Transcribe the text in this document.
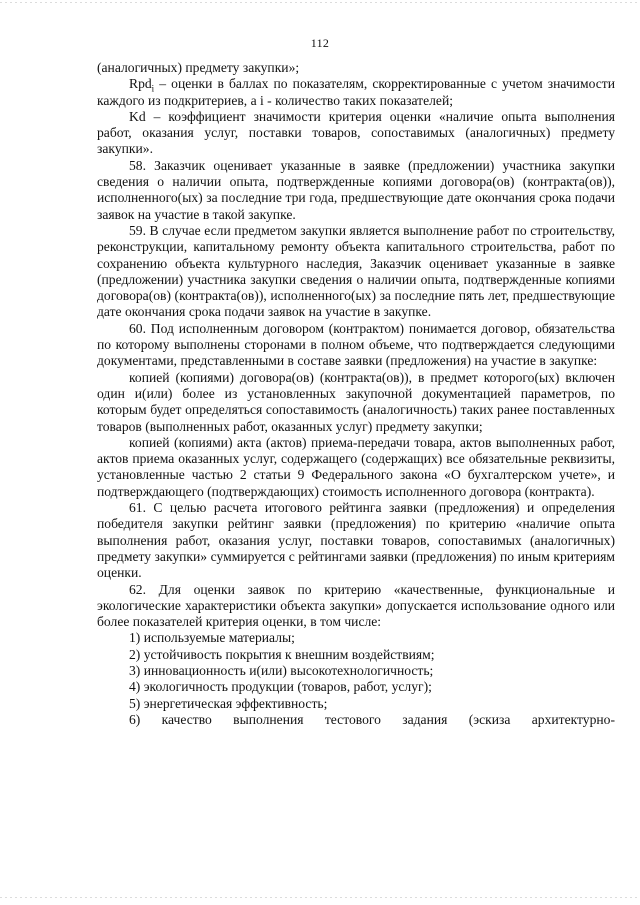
112

(аналогичных) предмету закупки»;

Rpd$_i$ – оценки в баллах по показателям, скорректированные с учетом значимости каждого из подкритериев, а i - количество таких показателей;

Kd – коэффициент значимости критерия оценки «наличие опыта выполнения работ, оказания услуг, поставки товаров, сопоставимых (аналогичных) предмету закупки».

58. Заказчик оценивает указанные в заявке (предложении) участника закупки сведения о наличии опыта, подтвержденные копиями договора(ов) (контракта(ов)), исполненного(ых) за последние три года, предшествующие дате окончания срока подачи заявок на участие в такой закупке.

59. В случае если предметом закупки является выполнение работ по строительству, реконструкции, капитальному ремонту объекта капитального строительства, работ по сохранению объекта культурного наследия, Заказчик оценивает указанные в заявке (предложении) участника закупки сведения о наличии опыта, подтвержденные копиями договора(ов) (контракта(ов)), исполненного(ых) за последние пять лет, предшествующие дате окончания срока подачи заявок на участие в закупке.

60. Под исполненным договором (контрактом) понимается договор, обязательства по которому выполнены сторонами в полном объеме, что подтверждается следующими документами, представленными в составе заявки (предложения) на участие в закупке:

копией (копиями) договора(ов) (контракта(ов)), в предмет которого(ых) включен один и(или) более из установленных закупочной документацией параметров, по которым будет определяться сопоставимость (аналогичность) таких ранее поставленных товаров (выполненных работ, оказанных услуг) предмету закупки;

копией (копиями) акта (актов) приема-передачи товара, актов выполненных работ, актов приема оказанных услуг, содержащего (содержащих) все обязательные реквизиты, установленные частью 2 статьи 9 Федерального закона «О бухгалтерском учете», и подтверждающего (подтверждающих) стоимость исполненного договора (контракта).

61. С целью расчета итогового рейтинга заявки (предложения) и определения победителя закупки рейтинг заявки (предложения) по критерию «наличие опыта выполнения работ, оказания услуг, поставки товаров, сопоставимых (аналогичных) предмету закупки» суммируется с рейтингами заявки (предложения) по иным критериям оценки.

62. Для оценки заявок по критерию «качественные, функциональные и экологические характеристики объекта закупки» допускается использование одного или более показателей критерия оценки, в том числе:

1) используемые материалы;

2) устойчивость покрытия к внешним воздействиям;

3) инновационность и(или) высокотехнологичность;

4) экологичность продукции (товаров, работ, услуг);

5) энергетическая эффективность;

6) качество выполнения тестового задания (эскиза архитектурно-
